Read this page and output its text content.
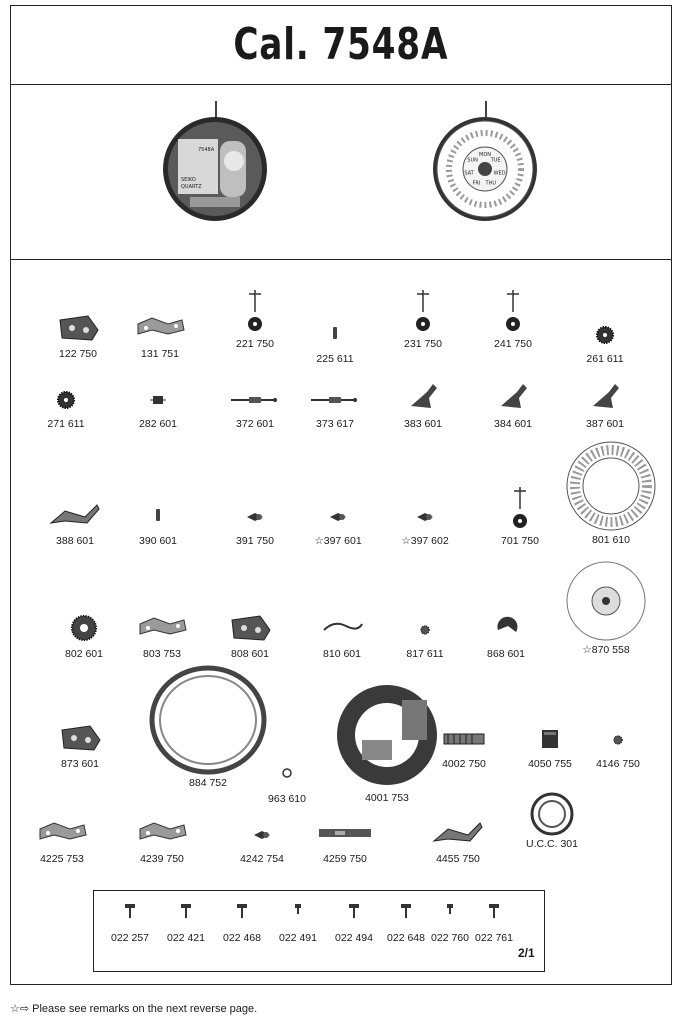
Cal. 7548A
7548A
SEIKO
QUARTZ
MON
TUE
WED
THU
FRI
SAT
SUN
122 750	131 751
221 750
225 611
231 750	241 750
261 611
271 611	282 601	372 601	373 617	383 601	384 601	387 601
388 601	390 601	391 750	☆397 601	☆397 602	701 750	801 610
802 601	803 753	808 601	810 601	817 611	868 601	☆870 558
873 601
884 752
963 610	4001 753
4002 750	4050 755	4146 750
4225 753	4239 750	4242 754	4259 750	4455 750
U.C.C. 301
022 257	022 421	022 468	022 491	022 494	022 648 022 760 022 761
2/1
☆⇨ Please see remarks on the next reverse page.
